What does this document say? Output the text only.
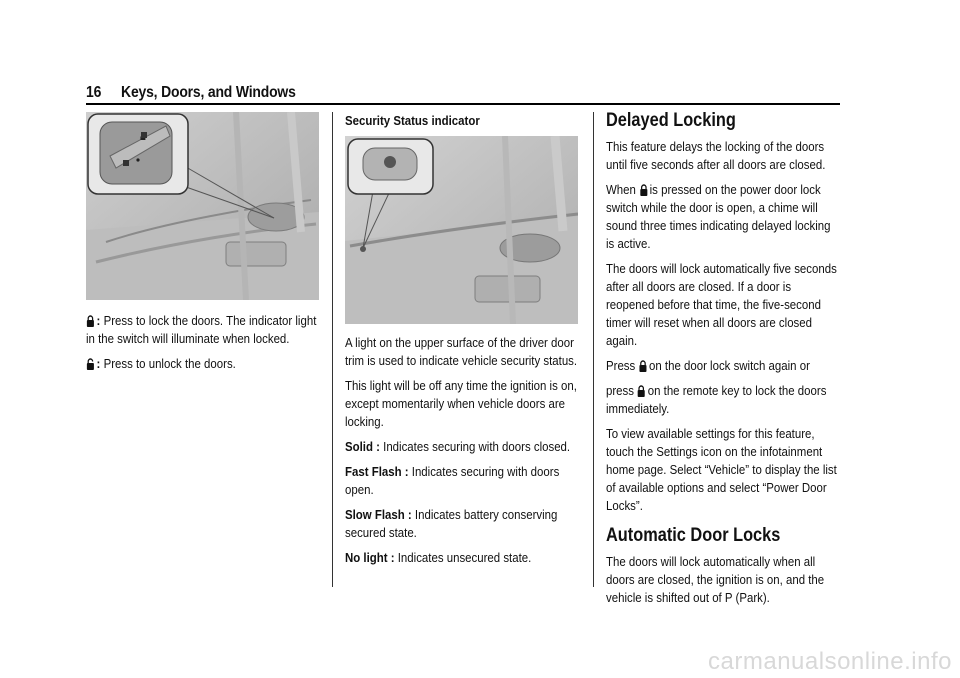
16 Keys, Doors, and Windows

: Press to lock the doors. The indicator light in the switch will illuminate when locked.

: Press to unlock the doors.

Security Status indicator

A light on the upper surface of the driver door trim is used to indicate vehicle security status.

This light will be off any time the ignition is on, except momentarily when vehicle doors are locking.

Solid : Indicates securing with doors closed.

Fast Flash : Indicates securing with doors open.

Slow Flash : Indicates battery conserving secured state.

No light : Indicates unsecured state.

Delayed Locking

This feature delays the locking of the doors until five seconds after all doors are closed.

When is pressed on the power door lock switch while the door is open, a chime will sound three times indicating delayed locking is active.

The doors will lock automatically five seconds after all doors are closed. If a door is reopened before that time, the five-second timer will reset when all doors are closed again.

Press on the door lock switch again or

press on the remote key to lock the doors immediately.

To view available settings for this feature, touch the Settings icon on the infotainment home page. Select “Vehicle” to display the list of available options and select “Power Door Locks”.

Automatic Door Locks

The doors will lock automatically when all doors are closed, the ignition is on, and the vehicle is shifted out of P (Park).

carmanualsonline.info
